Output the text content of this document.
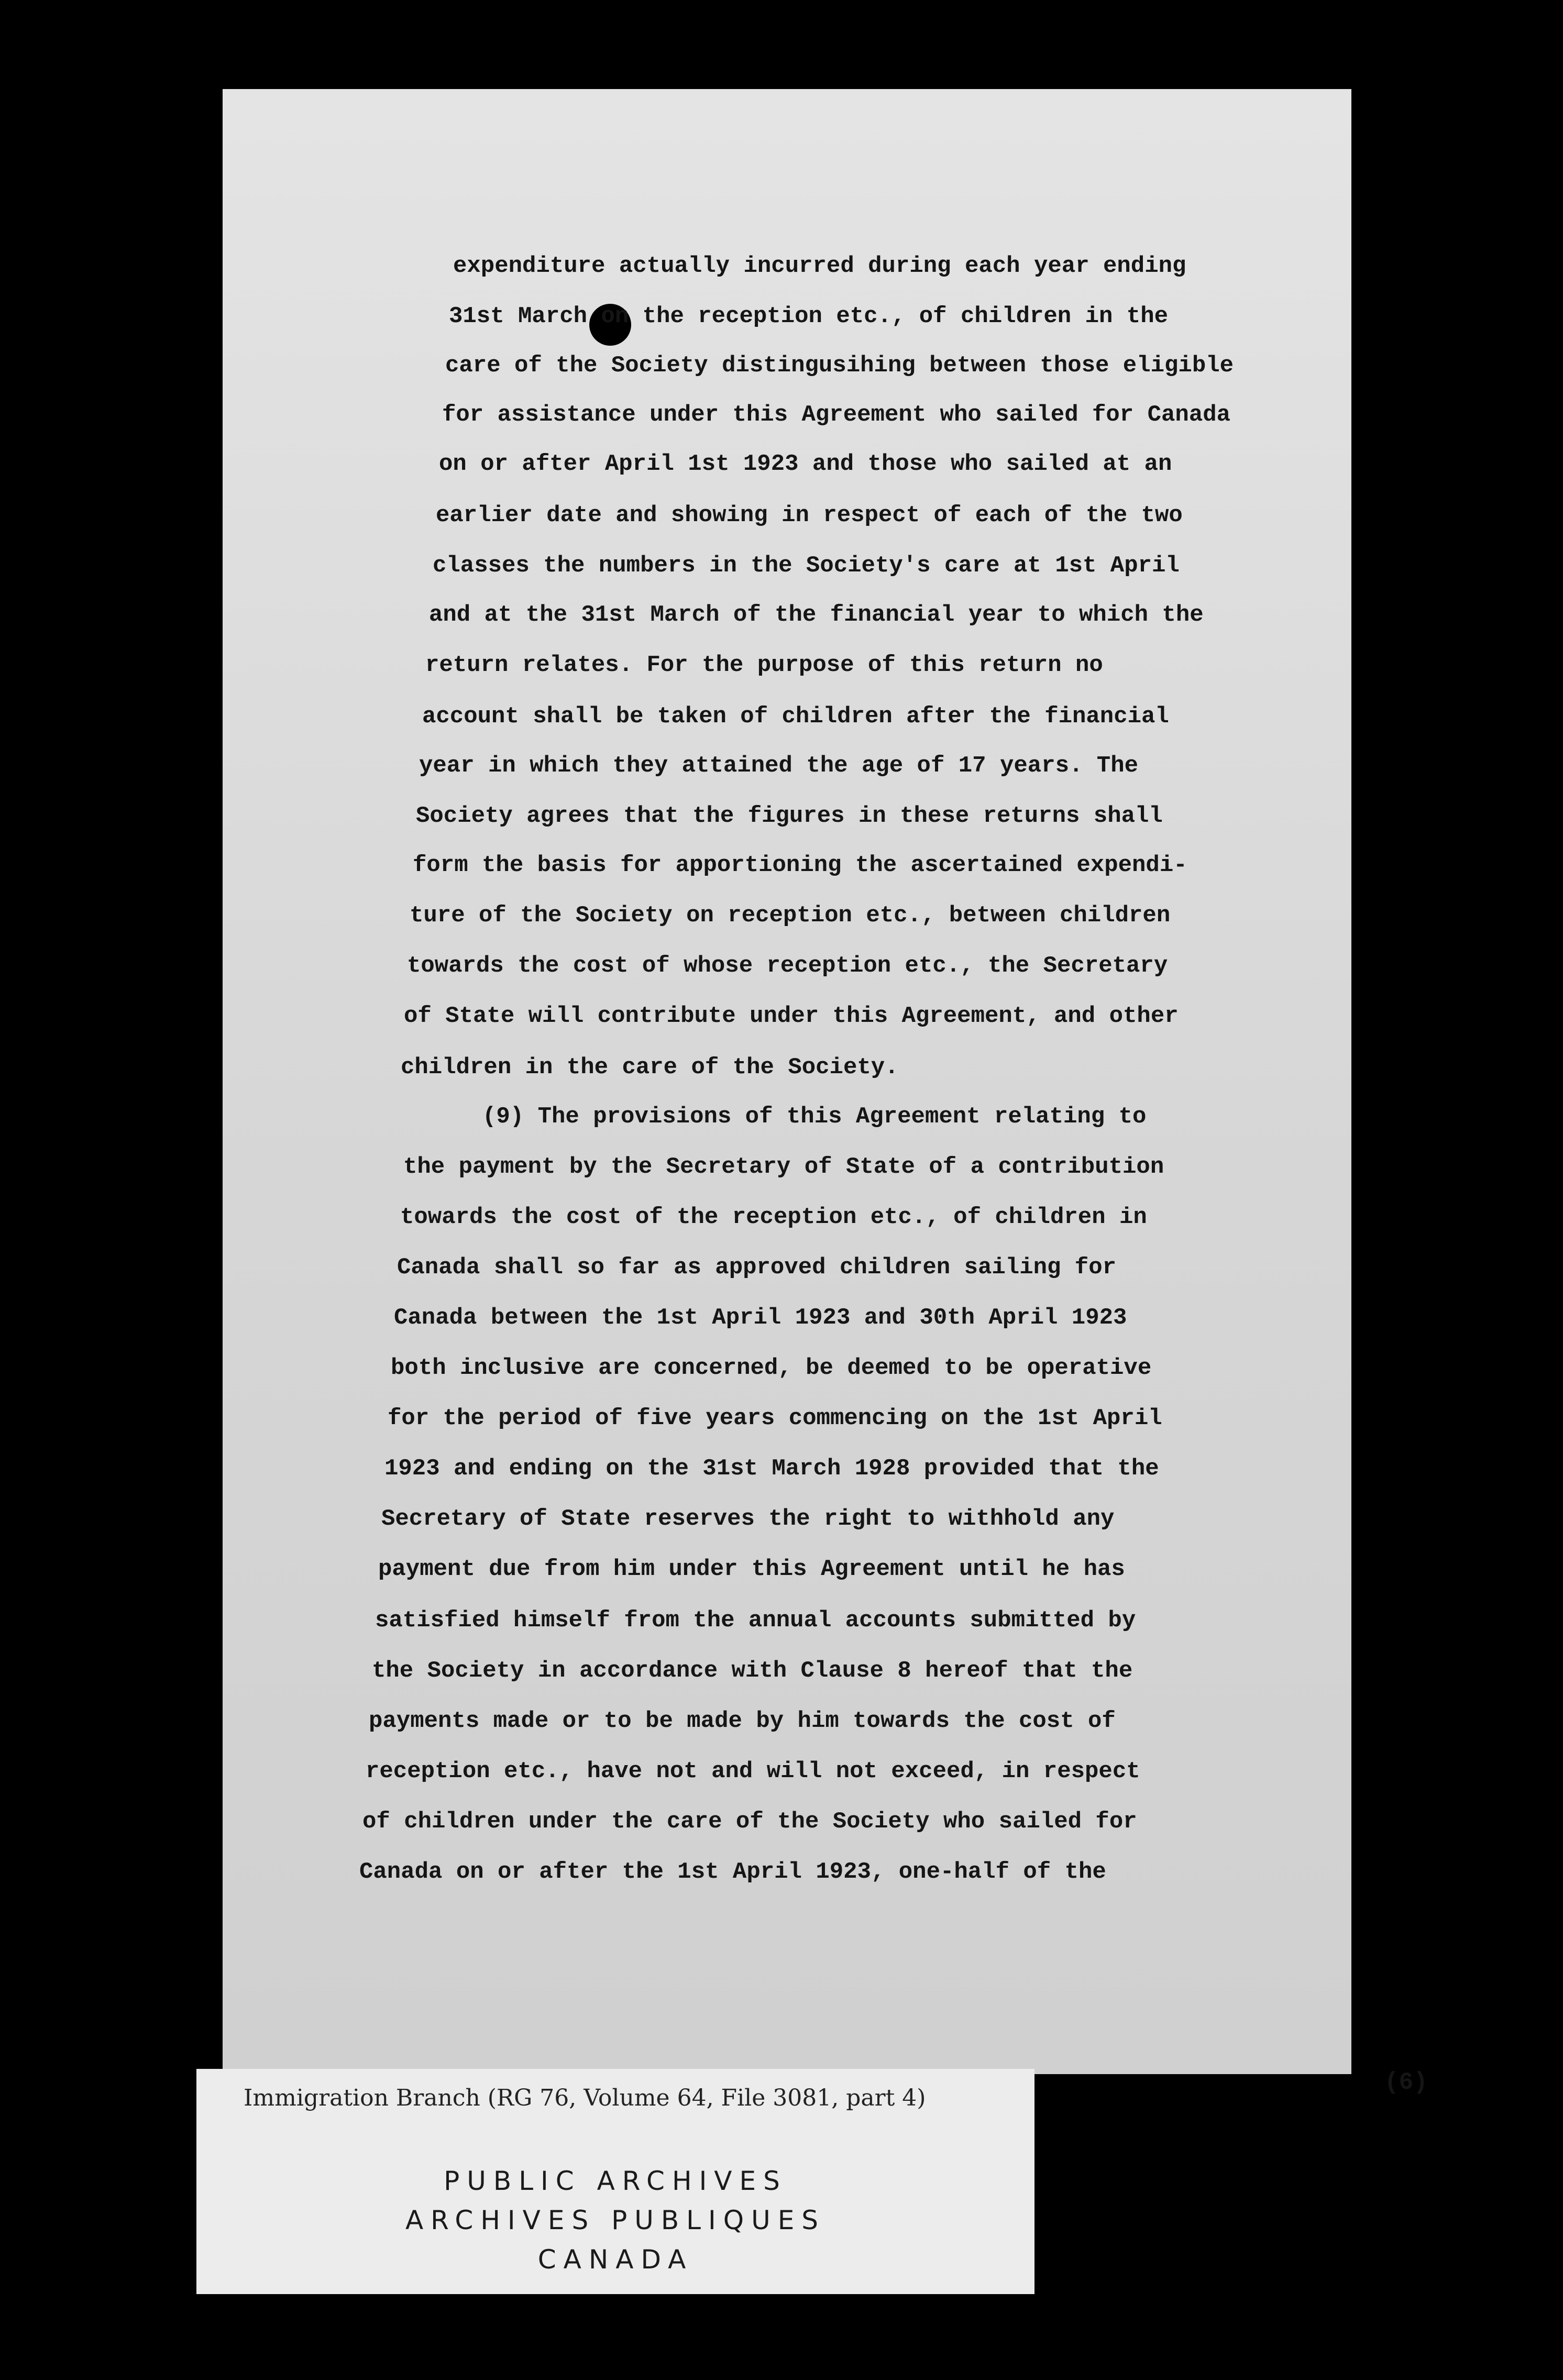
expenditure actually incurred during each year ending

31st March on the reception etc., of children in the

care of the Society distingusihing between those eligible

for assistance under this Agreement who sailed for Canada

on or after April 1st 1923 and those who sailed at an

earlier date and showing in respect of each of the two

classes the numbers in the Society's care at 1st April

and at the 31st March of the financial year to which the

return relates. For the purpose of this return no

account shall be taken of children after the financial

year in which they attained the age of 17 years. The

Society agrees that the figures in these returns shall

form the basis for apportioning the ascertained expendi-

ture of the Society on reception etc., between children

towards the cost of whose reception etc., the Secretary

of State will contribute under this Agreement, and other

children in the care of the Society.

(9) The provisions of this Agreement relating to

the payment by the Secretary of State of a contribution

towards the cost of the reception etc., of children in

Canada shall so far as approved children sailing for

Canada between the 1st April 1923 and 30th April 1923

both inclusive are concerned, be deemed to be operative

for the period of five years commencing on the 1st April

1923 and ending on the 31st March 1928 provided that the

Secretary of State reserves the right to withhold any

payment due from him under this Agreement until he has

satisfied himself from the annual accounts submitted by

the Society in accordance with Clause 8 hereof that the

payments made or to be made by him towards the cost of

reception etc., have not and will not exceed, in respect

of children under the care of the Society who sailed for

Canada on or after the 1st April 1923, one-half of the

(6)

Immigration Branch (RG 76, Volume 64, File 3081, part 4)

PUBLIC ARCHIVES

ARCHIVES PUBLIQUES

CANADA
